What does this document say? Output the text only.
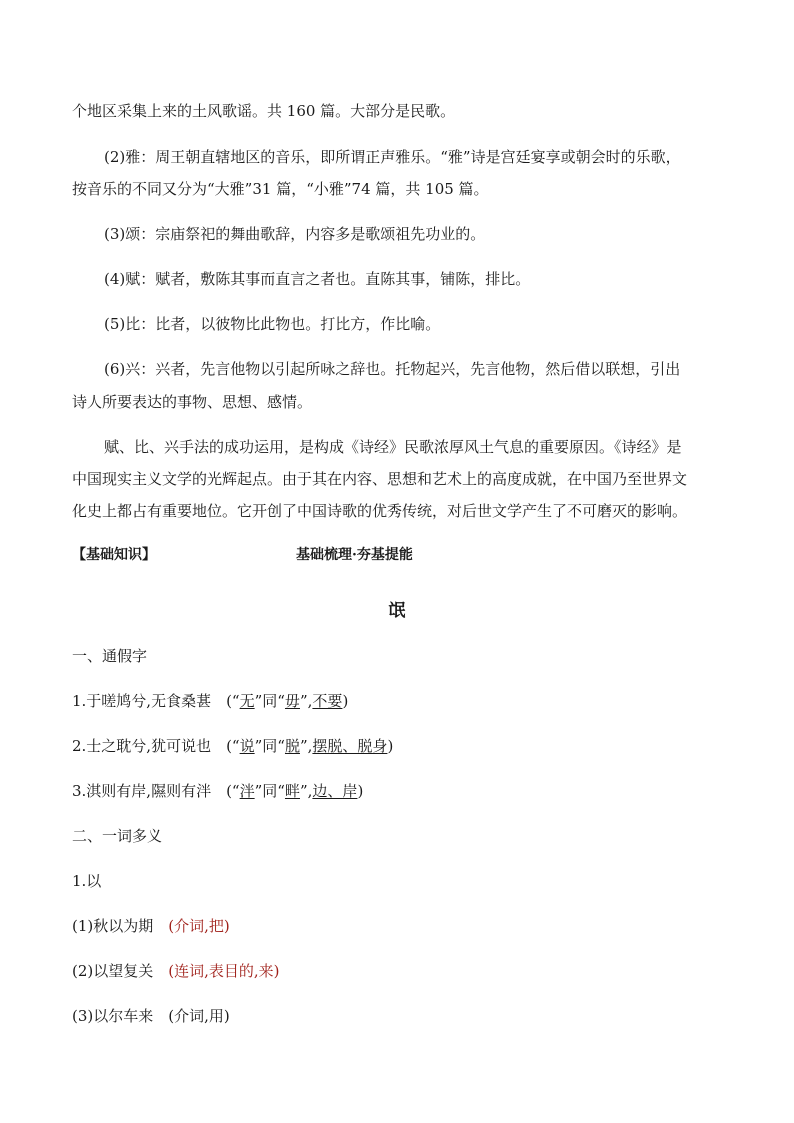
个地区采集上来的土风歌谣。共 160 篇。大部分是民歌。
(2)雅：周王朝直辖地区的音乐，即所谓正声雅乐。“雅”诗是宫廷宴享或朝会时的乐歌，
按音乐的不同又分为“大雅”31 篇，“小雅”74 篇，共 105 篇。
(3)颂：宗庙祭祀的舞曲歌辞，内容多是歌颂祖先功业的。
(4)赋：赋者，敷陈其事而直言之者也。直陈其事，铺陈，排比。
(5)比：比者，以彼物比此物也。打比方，作比喻。
(6)兴：兴者，先言他物以引起所咏之辞也。托物起兴，先言他物，然后借以联想，引出
诗人所要表达的事物、思想、感情。
赋、比、兴手法的成功运用，是构成《诗经》民歌浓厚风土气息的重要原因。《诗经》是
中国现实主义文学的光辉起点。由于其在内容、思想和艺术上的高度成就，在中国乃至世界文
化史上都占有重要地位。它开创了中国诗歌的优秀传统，对后世文学产生了不可磨灭的影响。
【基础知识】	基础梳理·夯基提能
氓
一、通假字
1.于嗟鸠兮,无食桑葚　(“无”同“毋”,不要)
2.士之耽兮,犹可说也　(“说”同“脱”,摆脱、脱身)
3.淇则有岸,隰则有泮　(“泮”同“畔”,边、岸)
二、一词多义
1.以
(1)秋以为期　(介词,把)
(2)以望复关　(连词,表目的,来)
(3)以尔车来　(介词,用)
